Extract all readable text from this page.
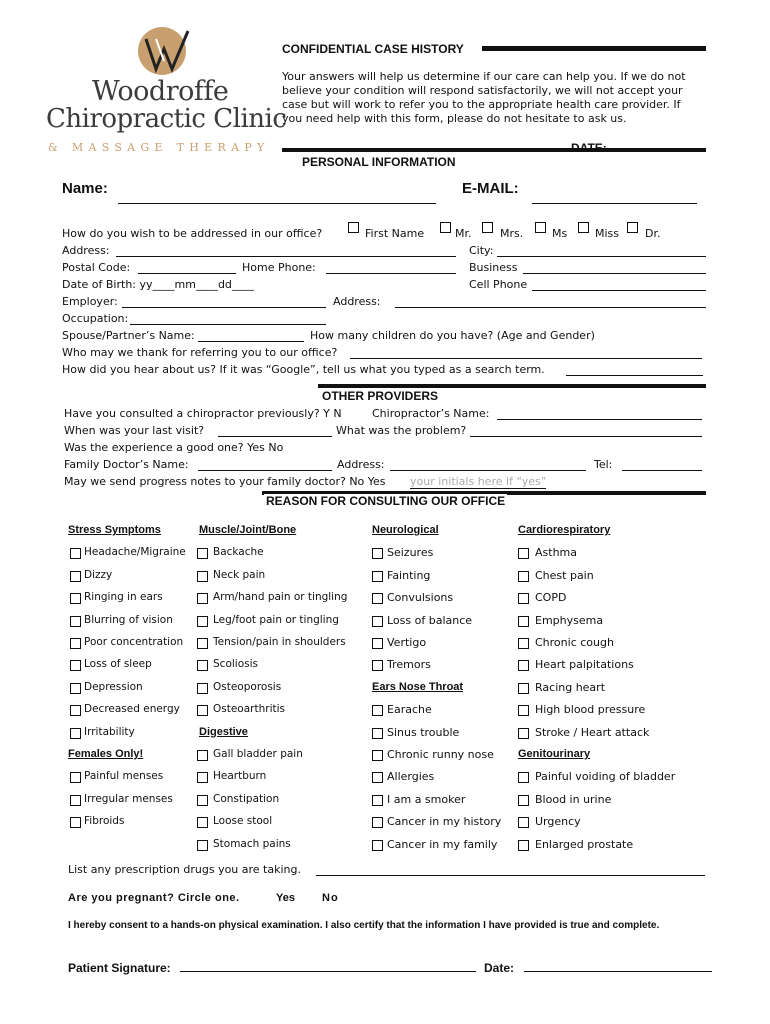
Woodroffe
Chiropractic Clinic
& MASSAGE THERAPY
CONFIDENTIAL CASE HISTORY
Your answers will help us determine if our care can help you. If we do not believe your condition will respond satisfactorily, we will not accept your case but will work to refer you to the appropriate health care provider. If you need help with this form, please do not hesitate to ask us.
PERSONAL INFORMATION
Name:	E-MAIL:
How do you wish to be addressed in our office?	First Name	Mr.	Mrs.	Ms	Miss Dr.
Address:	City:
Postal Code:	Home Phone:	Business
Date of Birth: yy____mm____dd____	Cell Phone
Employer:	Address:
Occupation:
Spouse/Partner’s Name:	How many children do you have? (Age and Gender)
Who may we thank for referring you to our office?
How did you hear about us? If it was “Google”, tell us what you typed as a search term.
OTHER PROVIDERS
Have you consulted a chiropractor previously? Y N	Chiropractor’s Name:
When was your last visit?	What was the problem?
Was the experience a good one? Yes No
Family Doctor’s Name:	Address:	Tel:
May we send progress notes to your family doctor? No Yes your initials here if “yes”
REASON FOR CONSULTING OUR OFFICE
Stress Symptoms
Headache/Migraine
Dizzy
Ringing in ears
Blurring of vision
Poor concentration
Loss of sleep
Depression
Decreased energy
Irritability
Females Only!
Painful menses
Irregular menses
Fibroids
Muscle/Joint/Bone
Backache
Neck pain
Arm/hand pain or tingling
Leg/foot pain or tingling
Tension/pain in shoulders
Scoliosis
Osteoporosis
Osteoarthritis
Digestive
Gall bladder pain
Heartburn
Constipation
Loose stool
Stomach pains
Neurological
Seizures
Fainting
Convulsions
Loss of balance
Vertigo
Tremors
Ears Nose Throat
Earache
Sinus trouble
Chronic runny nose
Allergies
I am a smoker
Cancer in my history
Cancer in my family
Cardiorespiratory
Asthma
Chest pain
COPD
Emphysema
Chronic cough
Heart palpitations
Racing heart
High blood pressure
Stroke / Heart attack
Genitourinary
Painful voiding of bladder
Blood in urine
Urgency
Enlarged prostate
List any prescription drugs you are taking.
Are you pregnant? Circle one.	Yes No
I hereby consent to a hands-on physical examination. I also certify that the information I have provided is true and complete.
Patient Signature:	Date:
